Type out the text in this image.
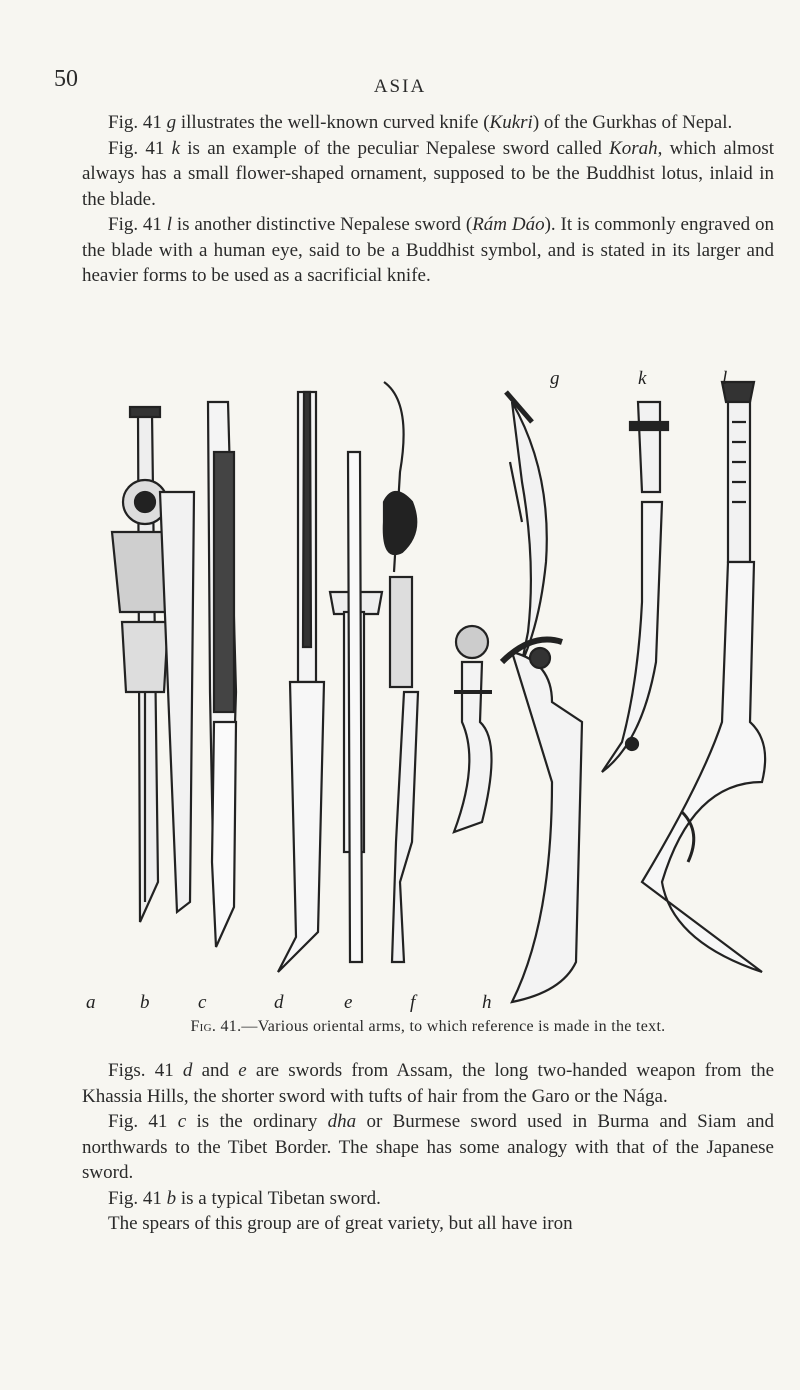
50	ASIA

Fig. 41 g illustrates the well-known curved knife (Kukri) of the Gurkhas of Nepal.

Fig. 41 k is an example of the peculiar Nepalese sword called Korah, which almost always has a small flower-shaped ornament, supposed to be the Buddhist lotus, inlaid in the blade.

Fig. 41 l is another distinctive Nepalese sword (Rám Dáo). It is commonly engraved on the blade with a human eye, said to be a Buddhist symbol, and is stated in its larger and heavier forms to be used as a sacrificial knife.

g	k	l
a b	c	d	e	f	h
Fig. 41.—Various oriental arms, to which reference is made in the text.

Figs. 41 d and e are swords from Assam, the long two-handed weapon from the Khassia Hills, the shorter sword with tufts of hair from the Garo or the Nága.

Fig. 41 c is the ordinary dha or Burmese sword used in Burma and Siam and northwards to the Tibet Border. The shape has some analogy with that of the Japanese sword.

Fig. 41 b is a typical Tibetan sword.

The spears of this group are of great variety, but all have iron
